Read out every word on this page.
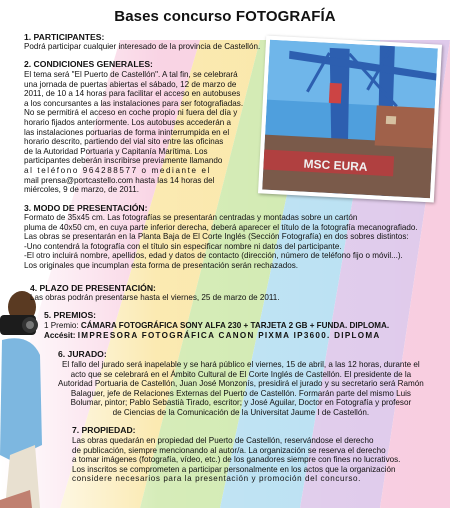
MSC EURA
Bases concurso FOTOGRAFÍA
1. PARTICIPANTES:
Podrá participar cualquier interesado de la provincia de Castellón.
2. CONDICIONES GENERALES:
El tema será "El Puerto de Castellón". A tal fin, se celebrará
una jornada de puertas abiertas el sábado, 12 de marzo de
2011, de 10 a 14 horas para facilitar el acceso en autobuses
a los concursantes a las instalaciones para ser fotografiadas.
No se permitirá el acceso en coche propio ni fuera del día y
horario fijados anteriormente. Los autobuses accederán a
las instalaciones portuarias de forma ininterrumpida en el
horario descrito, partiendo del vial sito entre las oficinas
de la Autoridad Portuaria y Capitanía Marítima. Los
participantes deberán inscribirse previamente llamando
al teléfono 964288577 o mediante el
mail prensa@portcastello.com hasta las 14 horas del
miércoles, 9 de marzo, de 2011.
3. MODO DE PRESENTACIÓN:
Formato de 35x45 cm. Las fotografías se presentarán centradas y montadas sobre un cartón
pluma de 40x50 cm, en cuya parte inferior derecha, deberá aparecer el título de la fotografía mecanografiado.
Las obras se presentarán en la Planta Baja de El Corte Inglés (Sección Fotografía) en dos sobres distintos:
-Uno contendrá la fotografía con el título sin especificar nombre ni datos del participante.
-El otro incluirá nombre, apellidos, edad y datos de contacto (dirección, número de teléfono fijo o móvil...).
Los originales que incumplan esta forma de presentación serán rechazados.
4. PLAZO DE PRESENTACIÓN:
Las obras podrán presentarse hasta el viernes, 25 de marzo de 2011.
5. PREMIOS:
1 Premio: CÁMARA FOTOGRÁFICA SONY ALFA 230 + TARJETA 2 GB + FUNDA. DIPLOMA.
Accésit: IMPRESORA FOTOGRÁFICA CANON PIXMA IP3600. DIPLOMA
6. JURADO:
El fallo del jurado será inapelable y se hará público el viernes, 15 de abril, a las 12 horas, durante el
acto que se celebrará en el Ámbito Cultural de El Corte Inglés de Castellón. El presidente de la
Autoridad Portuaria de Castellón, Juan José Monzonís, presidirá el jurado y su secretario será Ramón
Balaguer, jefe de Relaciones Externas del Puerto de Castellón. Formarán parte del mismo Luis
Bolumar, pintor; Pablo Sebastià Tirado, escritor; y José Aguilar, Doctor en Fotografía y profesor
de Ciencias de la Comunicación de la Universitat Jaume I de Castellón.
7. PROPIEDAD:
Las obras quedarán en propiedad del Puerto de Castellón, reservándose el derecho
de publicación, siempre mencionando al autor/a. La organización se reserva el derecho
a tomar imágenes (fotografía, vídeo, etc.) de los ganadores siempre con fines no lucrativos.
Los inscritos se comprometen a participar personalmente en los actos que la organización
considere necesarios para la presentación y promoción del concurso.
